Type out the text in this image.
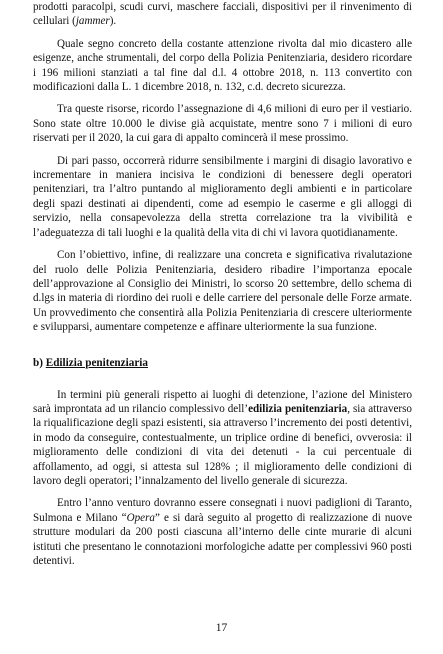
prodotti paracolpi, scudi curvi, maschere facciali, dispositivi per il rinvenimento di cellulari (jammer).

Quale segno concreto della costante attenzione rivolta dal mio dicastero alle esigenze, anche strumentali, del corpo della Polizia Penitenziaria, desidero ricordare i 196 milioni stanziati a tal fine dal d.l. 4 ottobre 2018, n. 113 convertito con modificazioni dalla L. 1 dicembre 2018, n. 132, c.d. decreto sicurezza.

Tra queste risorse, ricordo l’assegnazione di 4,6 milioni di euro per il vestiario. Sono state oltre 10.000 le divise già acquistate, mentre sono 7 i milioni di euro riservati per il 2020, la cui gara di appalto comincerà il mese prossimo.

Di pari passo, occorrerà ridurre sensibilmente i margini di disagio lavorativo e incrementare in maniera incisiva le condizioni di benessere degli operatori penitenziari, tra l’altro puntando al miglioramento degli ambienti e in particolare degli spazi destinati ai dipendenti, come ad esempio le caserme e gli alloggi di servizio, nella consapevolezza della stretta correlazione tra la vivibilità e l’adeguatezza di tali luoghi e la qualità della vita di chi vi lavora quotidianamente.

Con l’obiettivo, infine, di realizzare una concreta e significativa rivalutazione del ruolo delle Polizia Penitenziaria, desidero ribadire l’importanza epocale dell’approvazione al Consiglio dei Ministri, lo scorso 20 settembre, dello schema di d.lgs in materia di riordino dei ruoli e delle carriere del personale delle Forze armate. Un provvedimento che consentirà alla Polizia Penitenziaria di crescere ulteriormente e svilupparsi, aumentare competenze e affinare ulteriormente la sua funzione.

b) Edilizia penitenziaria

In termini più generali rispetto ai luoghi di detenzione, l’azione del Ministero sarà improntata ad un rilancio complessivo dell’edilizia penitenziaria, sia attraverso la riqualificazione degli spazi esistenti, sia attraverso l’incremento dei posti detentivi, in modo da conseguire, contestualmente, un triplice ordine di benefici, ovverosia: il miglioramento delle condizioni di vita dei detenuti - la cui percentuale di affollamento, ad oggi, si attesta sul 128% ; il miglioramento delle condizioni di lavoro degli operatori; l’innalzamento del livello generale di sicurezza.

Entro l’anno venturo dovranno essere consegnati i nuovi padiglioni di Taranto, Sulmona e Milano “Opera” e si darà seguito al progetto di realizzazione di nuove strutture modulari da 200 posti ciascuna all’interno delle cinte murarie di alcuni istituti che presentano le connotazioni morfologiche adatte per complessivi 960 posti detentivi.

17
